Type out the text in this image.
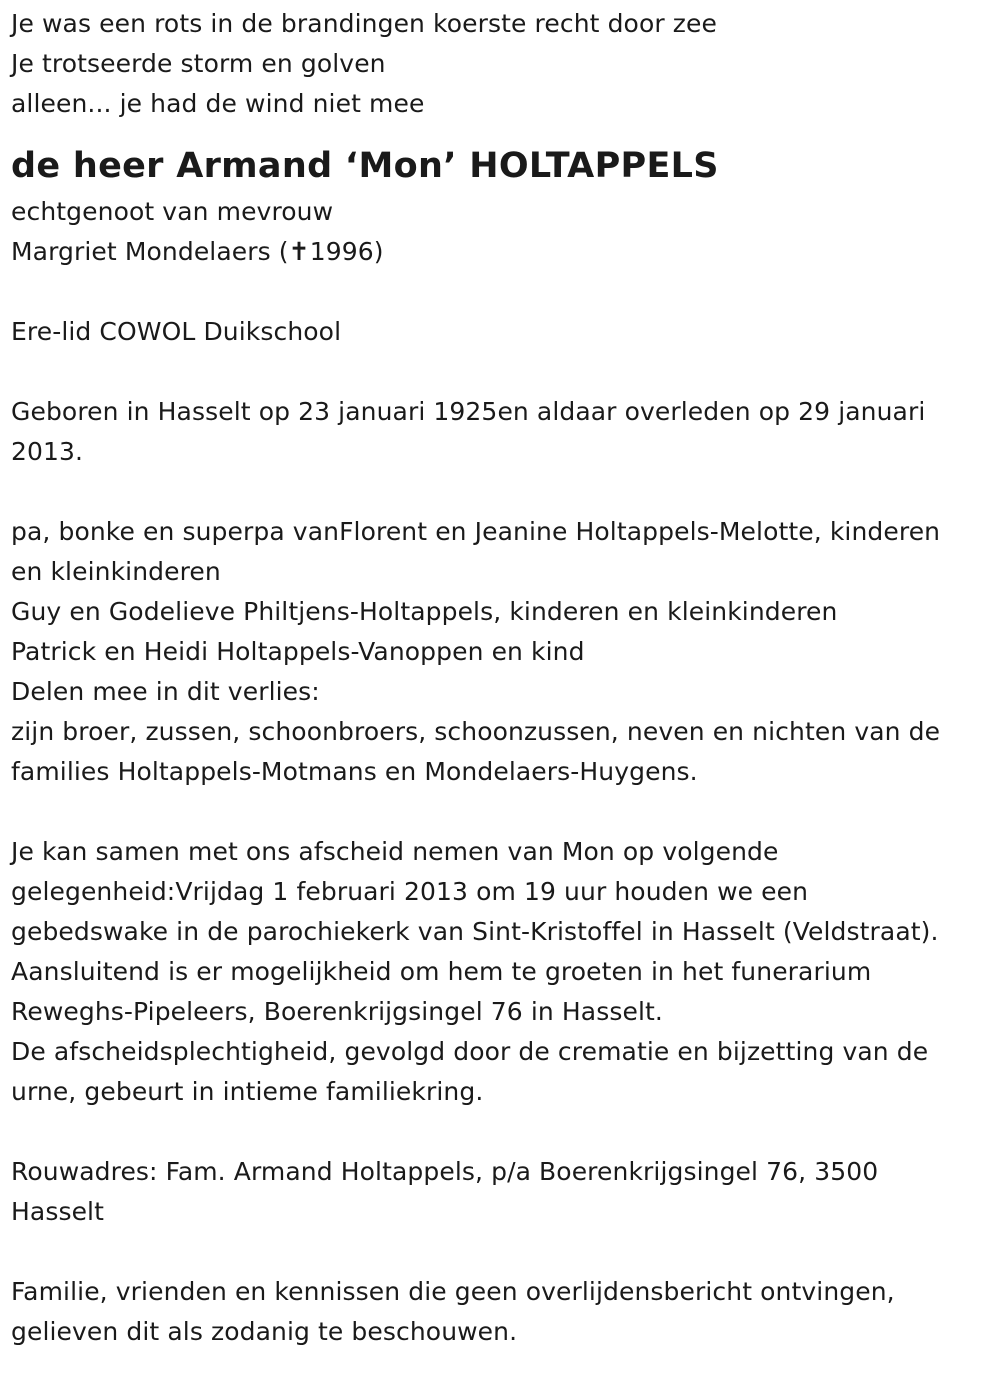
Je was een rots in de brandingen koerste recht door zee
Je trotseerde storm en golven
alleen... je had de wind niet mee
de heer Armand ‘Mon’ HOLTAPPELS
echtgenoot van mevrouw
Margriet Mondelaers (✝1996)
Ere-lid COWOL Duikschool
Geboren in Hasselt op 23 januari 1925en aldaar overleden op 29 januari
2013.
pa, bonke en superpa vanFlorent en Jeanine Holtappels-Melotte, kinderen
en kleinkinderen
Guy en Godelieve Philtjens-Holtappels, kinderen en kleinkinderen
Patrick en Heidi Holtappels-Vanoppen en kind
Delen mee in dit verlies:
zijn broer, zussen, schoonbroers, schoonzussen, neven en nichten van de
families Holtappels-Motmans en Mondelaers-Huygens.
Je kan samen met ons afscheid nemen van Mon op volgende
gelegenheid:Vrijdag 1 februari 2013 om 19 uur houden we een
gebedswake in de parochiekerk van Sint-Kristoffel in Hasselt (Veldstraat).
Aansluitend is er mogelijkheid om hem te groeten in het funerarium
Reweghs-Pipeleers, Boerenkrijgsingel 76 in Hasselt.
De afscheidsplechtigheid, gevolgd door de crematie en bijzetting van de
urne, gebeurt in intieme familiekring.
Rouwadres: Fam. Armand Holtappels, p/a Boerenkrijgsingel 76, 3500
Hasselt
Familie, vrienden en kennissen die geen overlijdensbericht ontvingen,
gelieven dit als zodanig te beschouwen.
